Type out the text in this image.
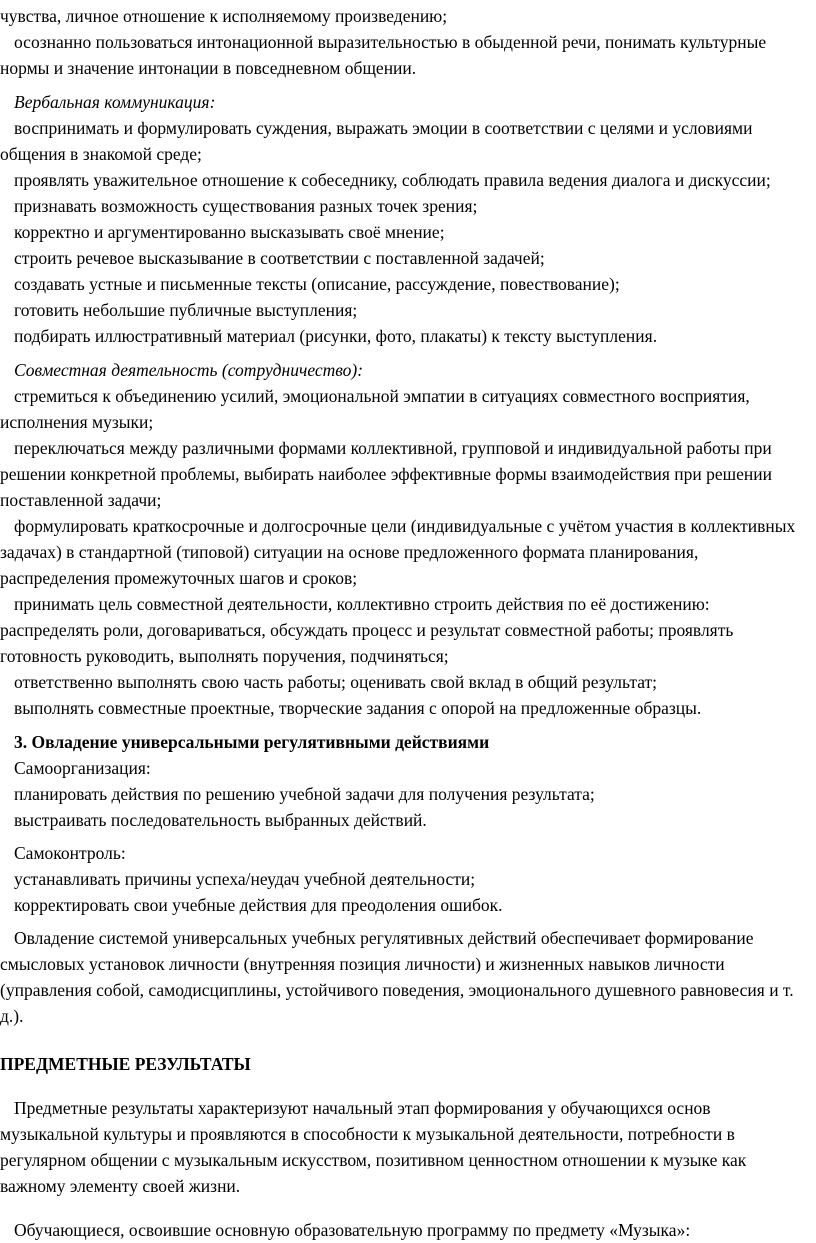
чувства, личное отношение к исполняемому произведению;

осознанно пользоваться интонационной выразительностью в обыденной речи, понимать культурные нормы и значение интонации в повседневном общении.

Вербальная коммуникация:

воспринимать и формулировать суждения, выражать эмоции в соответствии с целями и условиями общения в знакомой среде;

проявлять уважительное отношение к собеседнику, соблюдать правила ведения диалога и дискуссии;

признавать возможность существования разных точек зрения;

корректно и аргументированно высказывать своё мнение;

строить речевое высказывание в соответствии с поставленной задачей;

создавать устные и письменные тексты (описание, рассуждение, повествование);

готовить небольшие публичные выступления;

подбирать иллюстративный материал (рисунки, фото, плакаты) к тексту выступления.

Совместная деятельность (сотрудничество):

стремиться к объединению усилий, эмоциональной эмпатии в ситуациях совместного восприятия, исполнения музыки;

переключаться между различными формами коллективной, групповой и индивидуальной работы при решении конкретной проблемы, выбирать наиболее эффективные формы взаимодействия при решении поставленной задачи;

формулировать краткосрочные и долгосрочные цели (индивидуальные с учётом участия в коллективных задачах) в стандартной (типовой) ситуации на основе предложенного формата планирования, распределения промежуточных шагов и сроков;

принимать цель совместной деятельности, коллективно строить действия по её достижению: распределять роли, договариваться, обсуждать процесс и результат совместной работы; проявлять готовность руководить, выполнять поручения, подчиняться;

ответственно выполнять свою часть работы; оценивать свой вклад в общий результат;

выполнять совместные проектные, творческие задания с опорой на предложенные образцы.

3. Овладение универсальными регулятивными действиями

Самоорганизация:

планировать действия по решению учебной задачи для получения результата;

выстраивать последовательность выбранных действий.

Самоконтроль:

устанавливать причины успеха/неудач учебной деятельности;

корректировать свои учебные действия для преодоления ошибок.

Овладение системой универсальных учебных регулятивных действий обеспечивает формирование смысловых установок личности (внутренняя позиция личности) и жизненных навыков личности (управления собой, самодисциплины, устойчивого поведения, эмоционального душевного равновесия и т. д.).

ПРЕДМЕТНЫЕ РЕЗУЛЬТАТЫ

Предметные результаты характеризуют начальный этап формирования у обучающихся основ музыкальной культуры и проявляются в способности к музыкальной деятельности, потребности в регулярном общении с музыкальным искусством, позитивном ценностном отношении к музыке как важному элементу своей жизни.

Обучающиеся, освоившие основную образовательную программу по предмету «Музыка»:
